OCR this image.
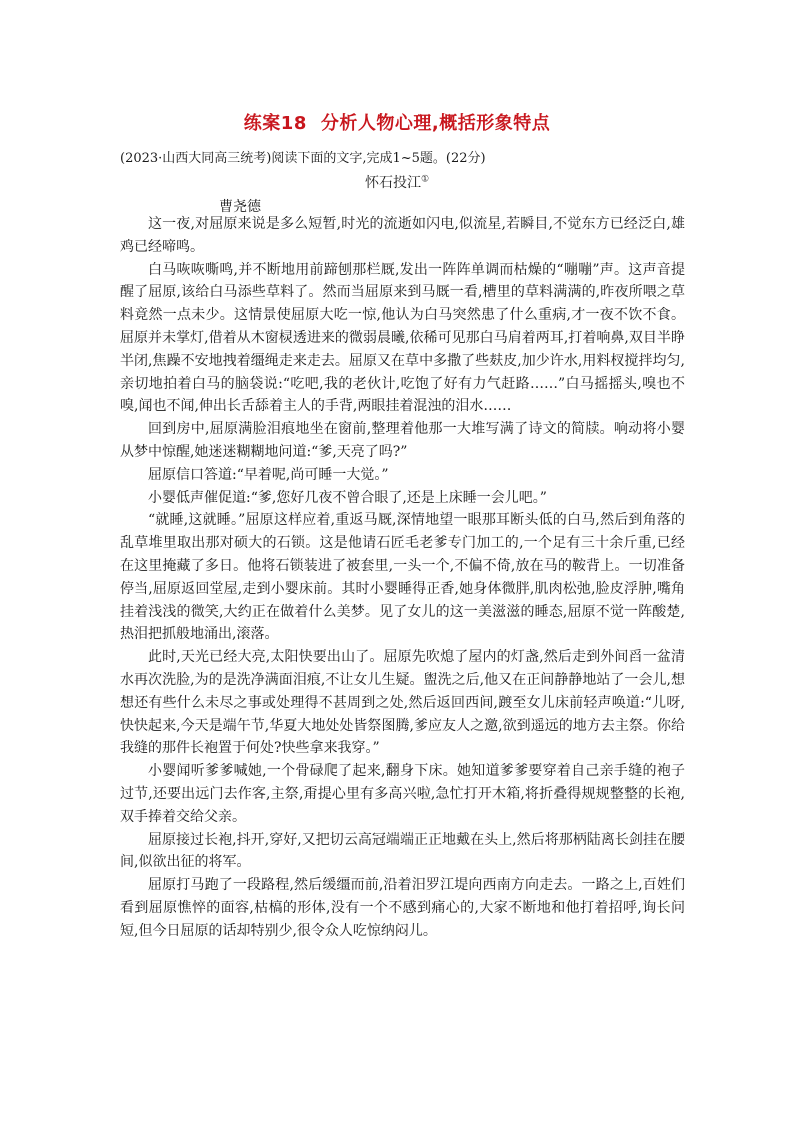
练案18 分析人物心理,概括形象特点
(2023·山西大同高三统考)阅读下面的文字,完成1~5题。(22分)
怀石投江①
曹尧德

这一夜,对屈原来说是多么短暂,时光的流逝如闪电,似流星,若瞬目,不觉东方已经泛白,雄鸡已经啼鸣。

白马咴咴嘶鸣,并不断地用前蹄刨那栏厩,发出一阵阵单调而枯燥的“嘣嘣”声。这声音提醒了屈原,该给白马添些草料了。然而当屈原来到马厩一看,槽里的草料满满的,昨夜所喂之草料竟然一点未少。这情景使屈原大吃一惊,他认为白马突然患了什么重病,才一夜不饮不食。屈原并未掌灯,借着从木窗棂透进来的微弱晨曦,依稀可见那白马肩着两耳,打着响鼻,双目半睁半闭,焦躁不安地拽着缰绳走来走去。屈原又在草中多撒了些麸皮,加少许水,用料杈搅拌均匀,亲切地拍着白马的脑袋说:“吃吧,我的老伙计,吃饱了好有力气赶路……”白马摇摇头,嗅也不嗅,闻也不闻,伸出长舌舔着主人的手背,两眼挂着混浊的泪水……

回到房中,屈原满脸泪痕地坐在窗前,整理着他那一大堆写满了诗文的简牍。响动将小婴从梦中惊醒,她迷迷糊糊地问道:“爹,天亮了吗?”

屈原信口答道:“早着呢,尚可睡一大觉。”

小婴低声催促道:“爹,您好几夜不曾合眼了,还是上床睡一会儿吧。”

“就睡,这就睡。”屈原这样应着,重返马厩,深情地望一眼那耳断头低的白马,然后到角落的乱草堆里取出那对硕大的石锁。这是他请石匠毛老爹专门加工的,一个足有三十余斤重,已经在这里掩藏了多日。他将石锁装进了被套里,一头一个,不偏不倚,放在马的鞍背上。一切准备停当,屈原返回堂屋,走到小婴床前。其时小婴睡得正香,她身体微胖,肌肉松弛,脸皮浮肿,嘴角挂着浅浅的微笑,大约正在做着什么美梦。见了女儿的这一美滋滋的睡态,屈原不觉一阵酸楚,热泪把抓般地涌出,滚落。

此时,天光已经大亮,太阳快要出山了。屈原先吹熄了屋内的灯盏,然后走到外间舀一盆清水再次洗脸,为的是洗净满面泪痕,不让女儿生疑。盥洗之后,他又在正间静静地站了一会儿,想想还有些什么未尽之事或处理得不甚周到之处,然后返回西间,踱至女儿床前轻声唤道:“儿呀,快快起来,今天是端午节,华夏大地处处皆祭图腾,爹应友人之邀,欲到遥远的地方去主祭。你给我缝的那件长袍置于何处?快些拿来我穿。”

小婴闻听爹爹喊她,一个骨碌爬了起来,翻身下床。她知道爹爹要穿着自己亲手缝的袍子过节,还要出远门去作客,主祭,甭提心里有多高兴啦,急忙打开木箱,将折叠得规规整整的长袍,双手捧着交给父亲。

屈原接过长袍,抖开,穿好,又把切云高冠端端正正地戴在头上,然后将那柄陆离长剑挂在腰间,似欲出征的将军。

屈原打马跑了一段路程,然后缓缰而前,沿着汨罗江堤向西南方向走去。一路之上,百姓们看到屈原憔悴的面容,枯槁的形体,没有一个不感到痛心的,大家不断地和他打着招呼,询长问短,但今日屈原的话却特别少,很令众人吃惊纳闷儿。
